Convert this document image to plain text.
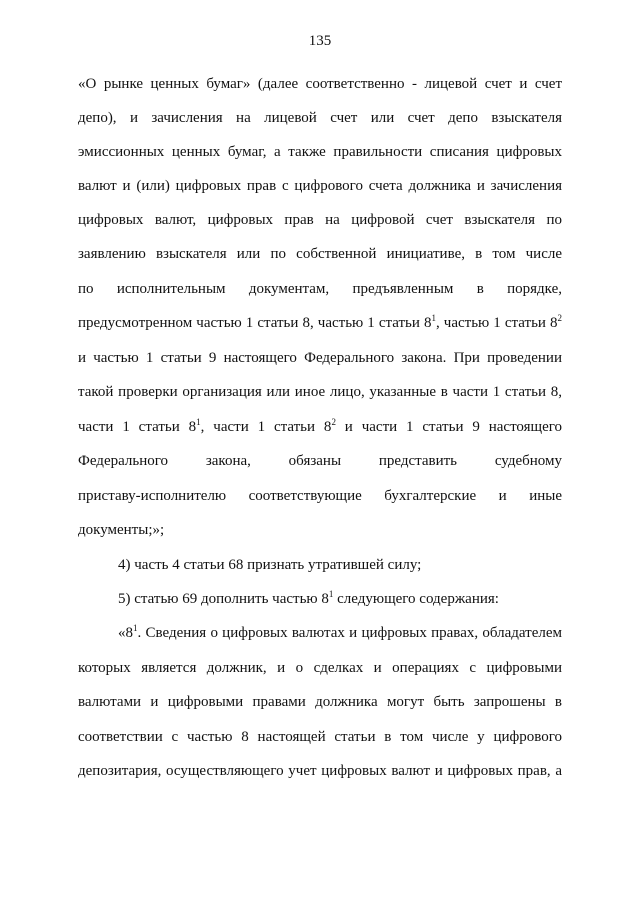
135
«О рынке ценных бумаг» (далее соответственно - лицевой счет и счет
депо), и зачисления на лицевой счет или счет депо взыскателя
эмиссионных ценных бумаг, а также правильности списания цифровых
валют и (или) цифровых прав с цифрового счета должника и зачисления
цифровых валют, цифровых прав на цифровой счет взыскателя по
заявлению взыскателя или по собственной инициативе, в том числе
по исполнительным документам, предъявленным в порядке,
предусмотренном частью 1 статьи 8, частью 1 статьи $8^1$, частью 1 статьи $8^2$
и частью 1 статьи 9 настоящего Федерального закона. При проведении
такой проверки организация или иное лицо, указанные в части 1 статьи 8,
части 1 статьи $8^1$, части 1 статьи $8^2$ и части 1 статьи 9 настоящего
Федерального закона, обязаны представить судебному
приставу-исполнителю соответствующие бухгалтерские и иные
документы;»;
4) часть 4 статьи 68 признать утратившей силу;
5) статью 69 дополнить частью $8^1$ следующего содержания:
«$8^1$. Сведения о цифровых валютах и цифровых правах, обладателем
которых является должник, и о сделках и операциях с цифровыми
валютами и цифровыми правами должника могут быть запрошены в
соответствии с частью 8 настоящей статьи в том числе у цифрового
депозитария, осуществляющего учет цифровых валют и цифровых прав, а
